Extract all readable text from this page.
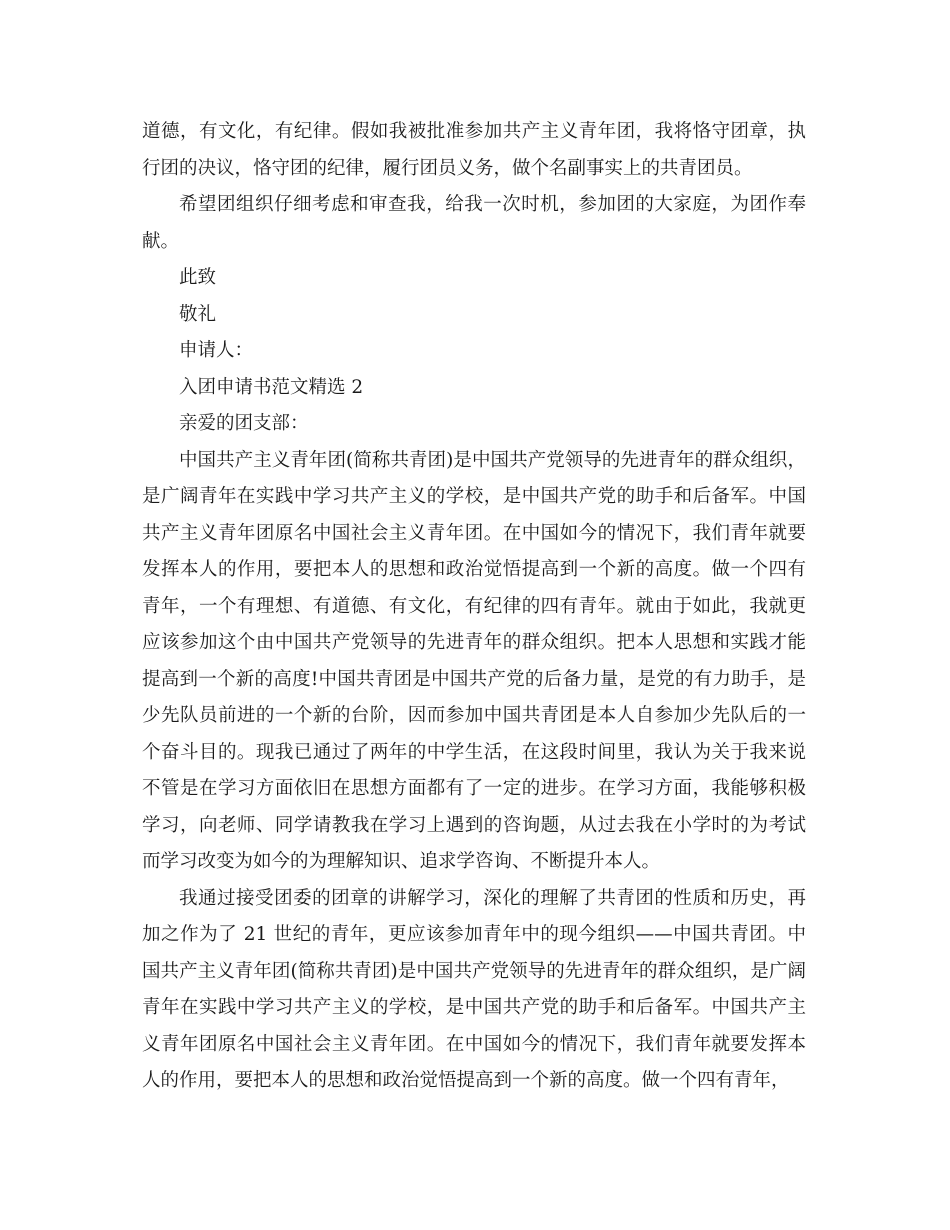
道德，有文化，有纪律。假如我被批准参加共产主义青年团，我将恪守团章，执行团的决议，恪守团的纪律，履行团员义务，做个名副事实上的共青团员。

希望团组织仔细考虑和审查我，给我一次时机，参加团的大家庭，为团作奉献。

此致

敬礼

申请人：

入团申请书范文精选 2

亲爱的团支部：

中国共产主义青年团(简称共青团)是中国共产党领导的先进青年的群众组织，是广阔青年在实践中学习共产主义的学校，是中国共产党的助手和后备军。中国共产主义青年团原名中国社会主义青年团。在中国如今的情况下，我们青年就要发挥本人的作用，要把本人的思想和政治觉悟提高到一个新的高度。做一个四有青年，一个有理想、有道德、有文化，有纪律的四有青年。就由于如此，我就更应该参加这个由中国共产党领导的先进青年的群众组织。把本人思想和实践才能提高到一个新的高度!中国共青团是中国共产党的后备力量，是党的有力助手，是少先队员前进的一个新的台阶，因而参加中国共青团是本人自参加少先队后的一个奋斗目的。现我已通过了两年的中学生活，在这段时间里，我认为关于我来说不管是在学习方面依旧在思想方面都有了一定的进步。在学习方面，我能够积极学习，向老师、同学请教我在学习上遇到的咨询题，从过去我在小学时的为考试而学习改变为如今的为理解知识、追求学咨询、不断提升本人。

我通过接受团委的团章的讲解学习，深化的理解了共青团的性质和历史，再加之作为了 21 世纪的青年，更应该参加青年中的现今组织——中国共青团。中国共产主义青年团(简称共青团)是中国共产党领导的先进青年的群众组织，是广阔青年在实践中学习共产主义的学校，是中国共产党的助手和后备军。中国共产主义青年团原名中国社会主义青年团。在中国如今的情况下，我们青年就要发挥本人的作用，要把本人的思想和政治觉悟提高到一个新的高度。做一个四有青年，
